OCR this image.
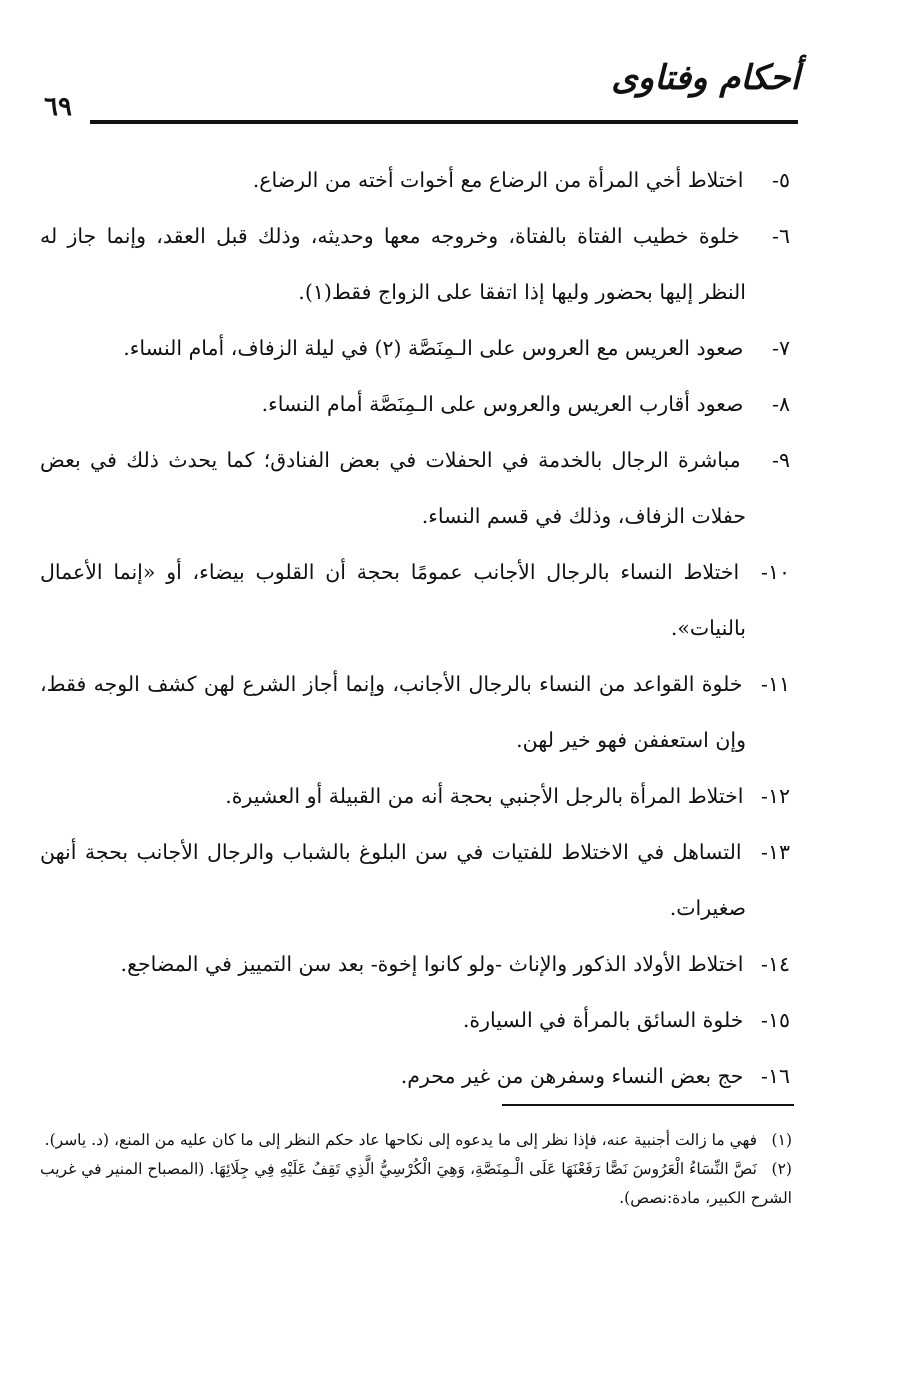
أحكام وفتاوى
٦٩

٥- اختلاط أخي المرأة من الرضاع مع أخوات أخته من الرضاع.

٦- خلوة خطيب الفتاة بالفتاة، وخروجه معها وحديثه، وذلك قبل العقد، وإنما جاز له النظر إليها بحضور وليها إذا اتفقا على الزواج فقط(١).

٧- صعود العريس مع العروس على الـمِنَصَّة (٢) في ليلة الزفاف، أمام النساء.

٨- صعود أقارب العريس والعروس على الـمِنَصَّة أمام النساء.

٩- مباشرة الرجال بالخدمة في الحفلات في بعض الفنادق؛ كما يحدث ذلك في بعض حفلات الزفاف، وذلك في قسم النساء.

١٠- اختلاط النساء بالرجال الأجانب عمومًا بحجة أن القلوب بيضاء، أو «إنما الأعمال بالنيات».

١١- خلوة القواعد من النساء بالرجال الأجانب، وإنما أجاز الشرع لهن كشف الوجه فقط، وإن استعففن فهو خير لهن.

١٢- اختلاط المرأة بالرجل الأجنبي بحجة أنه من القبيلة أو العشيرة.

١٣- التساهل في الاختلاط للفتيات في سن البلوغ بالشباب والرجال الأجانب بحجة أنهن صغيرات.

١٤- اختلاط الأولاد الذكور والإناث -ولو كانوا إخوة- بعد سن التمييز في المضاجع.

١٥- خلوة السائق بالمرأة في السيارة.

١٦- حج بعض النساء وسفرهن من غير محرم.

(١) فهي ما زالت أجنبية عنه، فإذا نظر إلى ما يدعوه إلى نكاحها عاد حكم النظر إلى ما كان عليه من المنع، (د. ياسر).

(٢) نَصَّ النِّسَاءُ الْعَرُوسَ نَصًّا رَفَعْنَهَا عَلَى الْـمِنَصَّةِ، وَهِيَ الْكُرْسِيُّ الَّذِي تَقِفُ عَلَيْهِ فِي جِلَائِهَا. (المصباح المنير في غريب الشرح الكبير، مادة:نصص).
